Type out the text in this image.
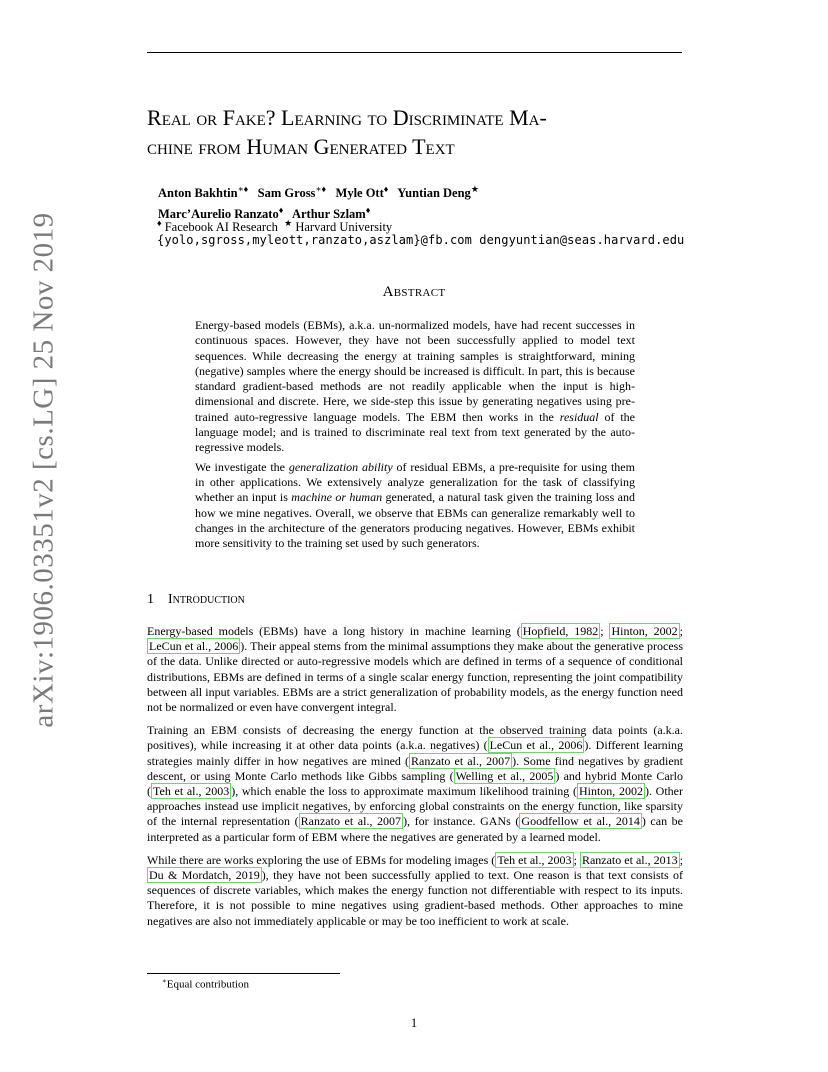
arXiv:1906.03351v2 [cs.LG] 25 Nov 2019
Real or Fake? Learning to Discriminate Ma-
chine from Human Generated Text
Anton Bakhtin∗♦ Sam Gross∗♦ Myle Ott♦ Yuntian Deng★
Marc’Aurelio Ranzato♦ Arthur Szlam♦
♦ Facebook AI Research ★ Harvard University
{yolo,sgross,myleott,ranzato,aszlam}@fb.com dengyuntian@seas.harvard.edu
Abstract

Energy-based models (EBMs), a.k.a. un-normalized models, have had recent successes in continuous spaces. However, they have not been successfully applied to model text sequences. While decreasing the energy at training samples is straightforward, mining (negative) samples where the energy should be increased is difficult. In part, this is because standard gradient-based methods are not readily applicable when the input is high-dimensional and discrete. Here, we side-step this issue by generating negatives using pre-trained auto-regressive language models. The EBM then works in the residual of the language model; and is trained to discriminate real text from text generated by the auto-regressive models.

We investigate the generalization ability of residual EBMs, a pre-requisite for using them in other applications. We extensively analyze generalization for the task of classifying whether an input is machine or human generated, a natural task given the training loss and how we mine negatives. Overall, we observe that EBMs can generalize remarkably well to changes in the architecture of the generators producing negatives. However, EBMs exhibit more sensitivity to the training set used by such generators.

1 Introduction

Energy-based models (EBMs) have a long history in machine learning ( Hopfield, 1982 ; Hinton, 2002 ; LeCun et al., 2006 ). Their appeal stems from the minimal assumptions they make about the generative process of the data. Unlike directed or auto-regressive models which are defined in terms of a sequence of conditional distributions, EBMs are defined in terms of a single scalar energy function, representing the joint compatibility between all input variables. EBMs are a strict generalization of probability models, as the energy function need not be normalized or even have convergent integral.

Training an EBM consists of decreasing the energy function at the observed training data points (a.k.a. positives), while increasing it at other data points (a.k.a. negatives) ( LeCun et al., 2006 ). Different learning strategies mainly differ in how negatives are mined ( Ranzato et al., 2007 ). Some find negatives by gradient descent, or using Monte Carlo methods like Gibbs sampling ( Welling et al., 2005 ) and hybrid Monte Carlo ( Teh et al., 2003 ), which enable the loss to approximate maximum likelihood training ( Hinton, 2002 ). Other approaches instead use implicit negatives, by enforcing global constraints on the energy function, like sparsity of the internal representation ( Ranzato et al., 2007 ), for instance. GANs ( Goodfellow et al., 2014 ) can be interpreted as a particular form of EBM where the negatives are generated by a learned model.

While there are works exploring the use of EBMs for modeling images ( Teh et al., 2003 ; Ranzato et al., 2013 ; Du & Mordatch, 2019 ), they have not been successfully applied to text. One reason is that text consists of sequences of discrete variables, which makes the energy function not differentiable with respect to its inputs. Therefore, it is not possible to mine negatives using gradient-based methods. Other approaches to mine negatives are also not immediately applicable or may be too inefficient to work at scale.

∗Equal contribution
1
